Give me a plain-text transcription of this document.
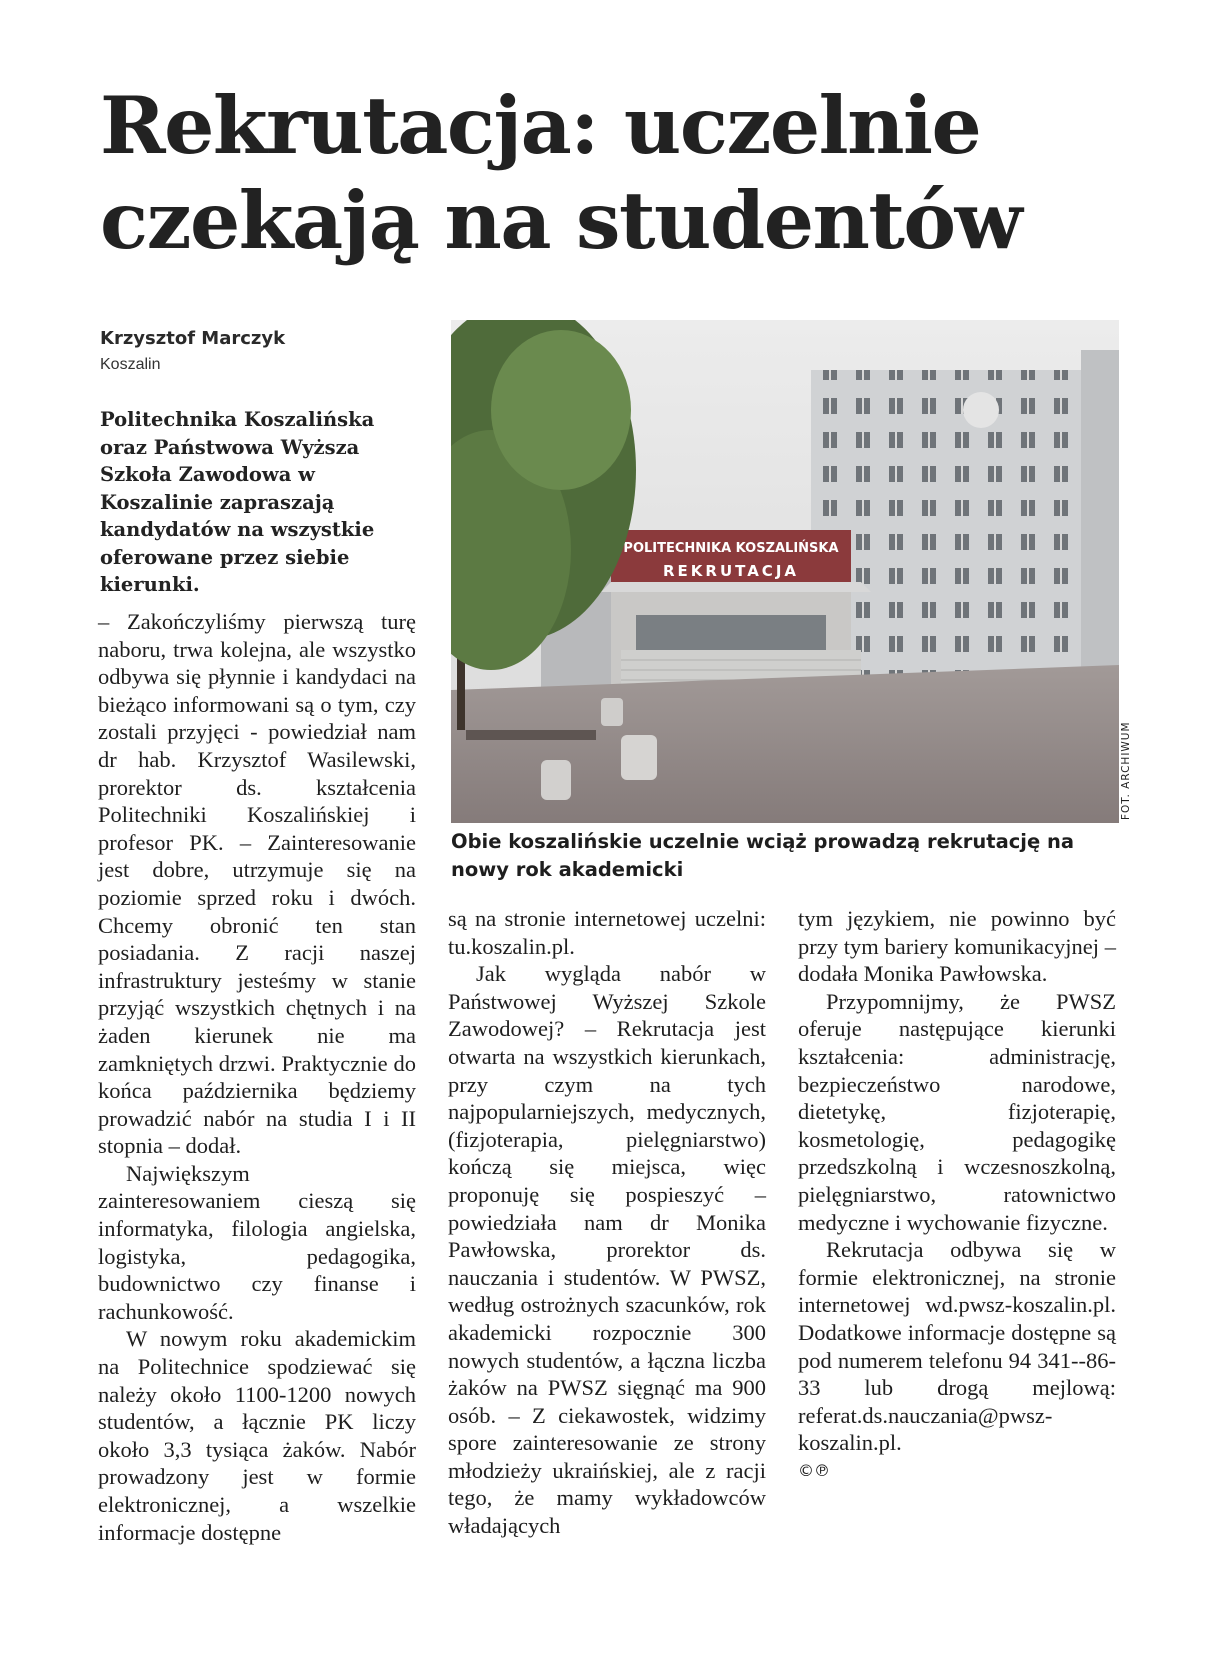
Rekrutacja: uczelnie
czekają na studentów
Krzysztof Marczyk
Koszalin
Politechnika Koszalińska oraz Państwowa Wyższa Szkoła Zawodowa w Koszalinie zapraszają kandydatów na wszystkie oferowane przez siebie kierunki.

– Zakończyliśmy pierwszą turę naboru, trwa kolejna, ale wszystko odbywa się płynnie i kandydaci na bieżąco informowani są o tym, czy zostali przyjęci - powiedział nam dr hab. Krzysztof Wasilewski, prorektor ds. kształcenia Politechniki Koszalińskiej i profesor PK. – Zainteresowanie jest dobre, utrzymuje się na poziomie sprzed roku i dwóch. Chcemy obronić ten stan posiadania. Z racji naszej infrastruktury jesteśmy w stanie przyjąć wszystkich chętnych i na żaden kierunek nie ma zamkniętych drzwi. Praktycznie do końca października będziemy prowadzić nabór na studia I i II stopnia – dodał.

Największym zainteresowaniem cieszą się informatyka, filologia angielska, logistyka, pedagogika, budownictwo czy finanse i rachunkowość.

W nowym roku akademickim na Politechnice spodziewać się należy około 1100-1200 nowych studentów, a łącznie PK liczy około 3,3 tysiąca żaków. Nabór prowadzony jest w formie elektronicznej, a wszelkie informacje dostępne

POLITECHNIKA KOSZALIŃSKA
REKRUTACJA
FOT. ARCHIWUM
Obie koszalińskie uczelnie wciąż prowadzą rekrutację na nowy rok akademicki

są na stronie internetowej uczelni: tu.koszalin.pl.

Jak wygląda nabór w Państwowej Wyższej Szkole Zawodowej? – Rekrutacja jest otwarta na wszystkich kierunkach, przy czym na tych najpopularniejszych, medycznych, (fizjoterapia, pielęgniarstwo) kończą się miejsca, więc proponuję się pospieszyć – powiedziała nam dr Monika Pawłowska, prorektor ds. nauczania i studentów. W PWSZ, według ostrożnych szacunków, rok akademicki rozpocznie 300 nowych studentów, a łączna liczba żaków na PWSZ sięgnąć ma 900 osób. – Z ciekawostek, widzimy spore zainteresowanie ze strony młodzieży ukraińskiej, ale z racji tego, że mamy wykładowców władających

tym językiem, nie powinno być przy tym bariery komunikacyjnej – dodała Monika Pawłowska.

Przypomnijmy, że PWSZ oferuje następujące kierunki kształcenia: administrację, bezpieczeństwo narodowe, dietetykę, fizjoterapię, kosmetologię, pedagogikę przedszkolną i wczesnoszkolną, pielęgniarstwo, ratownictwo medyczne i wychowanie fizyczne.

Rekrutacja odbywa się w formie elektronicznej, na stronie internetowej wd.pwsz-koszalin.pl. Dodatkowe informacje dostępne są pod numerem telefonu 94 341--86-33 lub drogą mejlową: referat.ds.nauczania@pwsz-koszalin.pl.

©℗
